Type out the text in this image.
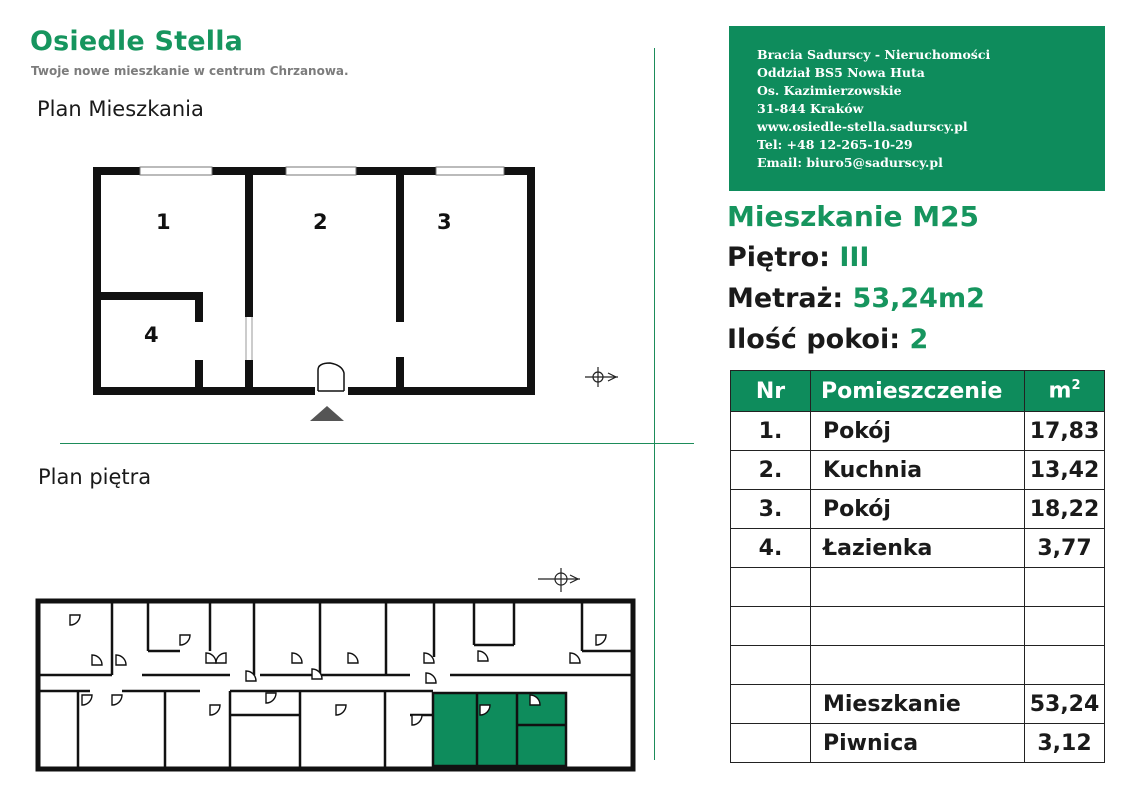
Osiedle Stella
Twoje nowe mieszkanie w centrum Chrzanowa.
Plan Mieszkania
Plan piętra
1	2	3
4
Bracia Sadurscy - Nieruchomości
Oddział BS5 Nowa Huta
Os. Kazimierzowskie
31-844 Kraków
www.osiedle-stella.sadurscy.pl
Tel: +48 12-265-10-29
Email: biuro5@sadurscy.pl
Mieszkanie M25
Piętro: III
Metraż: 53,24m2
Ilość pokoi: 2
Nr	Pomieszczenie	$m^2$
1.	Pokój	17,83
2.	Kuchnia	13,42
3.	Pokój	18,22
4.	Łazienka	3,77

	Mieszkanie	53,24
	Piwnica	3,12
